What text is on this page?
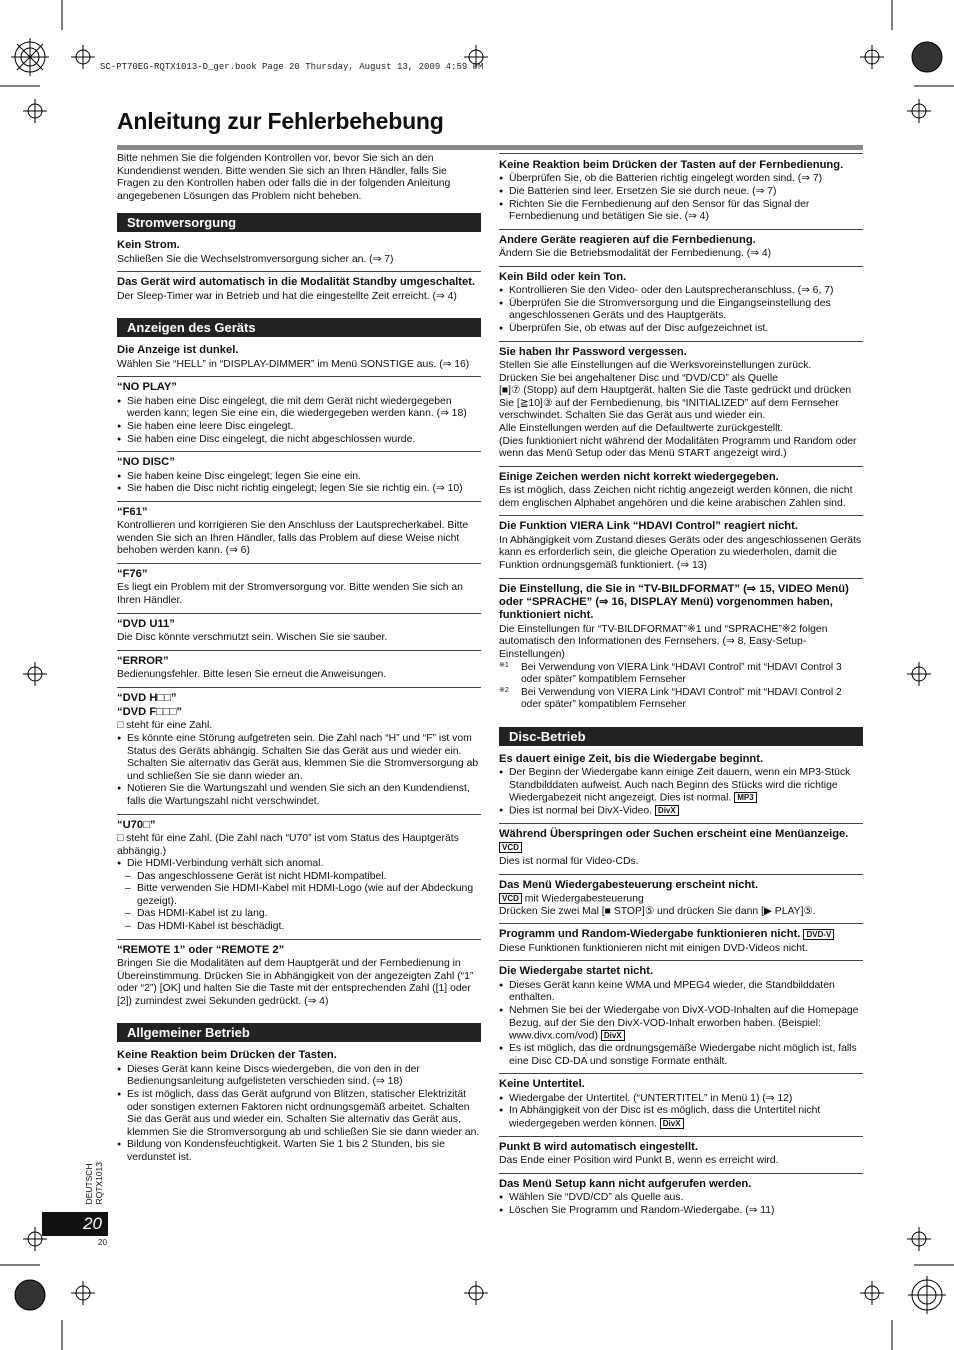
SC-PT70EG-RQTX1013-D_ger.book Page 20 Thursday, August 13, 2009 4:59 PM
Anleitung zur Fehlerbehebung

Bitte nehmen Sie die folgenden Kontrollen vor, bevor Sie sich an den Kundendienst wenden. Bitte wenden Sie sich an Ihren Händler, falls Sie Fragen zu den Kontrollen haben oder falls die in der folgenden Anleitung angegebenen Lösungen das Problem nicht beheben.

Stromversorgung
Kein Strom.

Schließen Sie die Wechselstromversorgung sicher an. (⇒ 7)

Das Gerät wird automatisch in die Modalität Standby umgeschaltet.

Der Sleep-Timer war in Betrieb und hat die eingestellte Zeit erreicht. (⇒ 4)

Anzeigen des Geräts
Die Anzeige ist dunkel.

Wählen Sie “HELL” in “DISPLAY-DIMMER” im Menü SONSTIGE aus. (⇒ 16)

“NO PLAY”

● Sie haben eine Disc eingelegt, die mit dem Gerät nicht wiedergegeben werden kann; legen Sie eine ein, die wiedergegeben werden kann. (⇒ 18)

● Sie haben eine leere Disc eingelegt.

● Sie haben eine Disc eingelegt, die nicht abgeschlossen wurde.

“NO DISC”

● Sie haben keine Disc eingelegt; legen Sie eine ein.

● Sie haben die Disc nicht richtig eingelegt; legen Sie sie richtig ein. (⇒ 10)

“F61”

Kontrollieren und korrigieren Sie den Anschluss der Lautsprecherkabel. Bitte wenden Sie sich an Ihren Händler, falls das Problem auf diese Weise nicht behoben werden kann. (⇒ 6)

“F76”

Es liegt ein Problem mit der Stromversorgung vor. Bitte wenden Sie sich an Ihren Händler.

“DVD U11”

Die Disc könnte verschmutzt sein. Wischen Sie sie sauber.

“ERROR”

Bedienungsfehler. Bitte lesen Sie erneut die Anweisungen.

“DVD H□□”
“DVD F□□□”

□ steht für eine Zahl.

● Es könnte eine Störung aufgetreten sein. Die Zahl nach “H” und “F” ist vom Status des Geräts abhängig. Schalten Sie das Gerät aus und wieder ein. Schalten Sie alternativ das Gerät aus, klemmen Sie die Stromversorgung ab und schließen Sie sie dann wieder an.

● Notieren Sie die Wartungszahl und wenden Sie sich an den Kundendienst, falls die Wartungszahl nicht verschwindet.

“U70□”

□ steht für eine Zahl. (Die Zahl nach “U70” ist vom Status des Hauptgeräts abhängig.)

● Die HDMI-Verbindung verhält sich anomal.

– Das angeschlossene Gerät ist nicht HDMI-kompatibel.

– Bitte verwenden Sie HDMI-Kabel mit HDMI-Logo (wie auf der Abdeckung gezeigt).

– Das HDMI-Kabel ist zu lang.

– Das HDMI-Kabel ist beschädigt.

“REMOTE 1” oder “REMOTE 2”

Bringen Sie die Modalitäten auf dem Hauptgerät und der Fernbedienung in Übereinstimmung. Drücken Sie in Abhängigkeit von der angezeigten Zahl (“1” oder “2”) [OK] und halten Sie die Taste mit der entsprechenden Zahl ([1] oder [2]) zumindest zwei Sekunden gedrückt. (⇒ 4)

Allgemeiner Betrieb
Keine Reaktion beim Drücken der Tasten.

● Dieses Gerät kann keine Discs wiedergeben, die von den in der Bedienungsanleitung aufgelisteten verschieden sind. (⇒ 18)

● Es ist möglich, dass das Gerät aufgrund von Blitzen, statischer Elektrizität oder sonstigen externen Faktoren nicht ordnungsgemäß arbeitet. Schalten Sie das Gerät aus und wieder ein. Schalten Sie alternativ das Gerät aus, klemmen Sie die Stromversorgung ab und schließen Sie sie dann wieder an.

● Bildung von Kondensfeuchtigkeit. Warten Sie 1 bis 2 Stunden, bis sie verdunstet ist.

Keine Reaktion beim Drücken der Tasten auf der Fernbedienung.

● Überprüfen Sie, ob die Batterien richtig eingelegt worden sind. (⇒ 7)

● Die Batterien sind leer. Ersetzen Sie sie durch neue. (⇒ 7)

● Richten Sie die Fernbedienung auf den Sensor für das Signal der Fernbedienung und betätigen Sie sie. (⇒ 4)

Andere Geräte reagieren auf die Fernbedienung.

Ändern Sie die Betriebsmodalität der Fernbedienung. (⇒ 4)

Kein Bild oder kein Ton.

● Kontrollieren Sie den Video- oder den Lautsprecheranschluss. (⇒ 6, 7)

● Überprüfen Sie die Stromversorgung und die Eingangseinstellung des angeschlossenen Geräts und des Hauptgeräts.

● Überprüfen Sie, ob etwas auf der Disc aufgezeichnet ist.

Sie haben Ihr Password vergessen.

Stellen Sie alle Einstellungen auf die Werksvoreinstellungen zurück.

Drücken Sie bei angehaltener Disc und “DVD/CD” als Quelle

[■]⑦ (Stopp) auf dem Hauptgerät. halten Sie die Taste gedrückt und drücken Sie [≧10]③ auf der Fernbedienung, bis “INITIALIZED” auf dem Fernseher verschwindet. Schalten Sie das Gerät aus und wieder ein.

Alle Einstellungen werden auf die Defaultwerte zurückgestellt.

(Dies funktioniert nicht während der Modalitäten Programm und Random oder wenn das Menü Setup oder das Menü START angezeigt wird.)

Einige Zeichen werden nicht korrekt wiedergegeben.

Es ist möglich, dass Zeichen nicht richtig angezeigt werden können, die nicht dem englischen Alphabet angehören und die keine arabischen Zahlen sind.

Die Funktion VIERA Link “HDAVI Control” reagiert nicht.

In Abhängigkeit vom Zustand dieses Geräts oder des angeschlossenen Geräts kann es erforderlich sein, die gleiche Operation zu wiederholen, damit die Funktion ordnungsgemäß funktioniert. (⇒ 13)

Die Einstellung, die Sie in “TV-BILDFORMAT” (⇒ 15, VIDEO Menü) oder “SPRACHE” (⇒ 16, DISPLAY Menü) vorgenommen haben, funktioniert nicht.

Die Einstellungen für “TV-BILDFORMAT”※1 und “SPRACHE”※2 folgen automatisch den Informationen des Fernsehers. (⇒ 8, Easy-Setup-Einstellungen)

※1 Bei Verwendung von VIERA Link “HDAVI Control” mit “HDAVI Control 3 oder später” kompatiblem Fernseher

※2 Bei Verwendung von VIERA Link “HDAVI Control” mit “HDAVI Control 2 oder später” kompatiblem Fernseher

Disc-Betrieb
Es dauert einige Zeit, bis die Wiedergabe beginnt.

● Der Beginn der Wiedergabe kann einige Zeit dauern, wenn ein MP3-Stück Standbilddaten aufweist. Auch nach Beginn des Stücks wird die richtige Wiedergabezeit nicht angezeigt. Dies ist normal. MP3

● Dies ist normal bei DivX-Video. DivX

Während Überspringen oder Suchen erscheint eine Menüanzeige. VCD

Dies ist normal für Video-CDs.

Das Menü Wiedergabesteuerung erscheint nicht.

VCD mit Wiedergabesteuerung

Drücken Sie zwei Mal [■ STOP]⑤ und drücken Sie dann [▶ PLAY]⑤.

Programm und Random-Wiedergabe funktionieren nicht. DVD-V

Diese Funktionen funktionieren nicht mit einigen DVD-Videos nicht.

Die Wiedergabe startet nicht.

● Dieses Gerät kann keine WMA und MPEG4 wieder, die Standbilddaten enthalten.

● Nehmen Sie bei der Wiedergabe von DivX-VOD-Inhalten auf die Homepage Bezug, auf der Sie den DivX-VOD-Inhalt erworben haben. (Beispiel: www.divx.com/vod) DivX

● Es ist möglich, das die ordnungsgemäße Wiedergabe nicht möglich ist, falls eine Disc CD-DA und sonstige Formate enthält.

Keine Untertitel.

● Wiedergabe der Untertitel. (“UNTERTITEL” in Menü 1) (⇒ 12)

● In Abhängigkeit von der Disc ist es möglich, dass die Untertitel nicht wiedergegeben werden können. DivX

Punkt B wird automatisch eingestellt.

Das Ende einer Position wird Punkt B, wenn es erreicht wird.

Das Menü Setup kann nicht aufgerufen werden.

● Wählen Sie “DVD/CD” als Quelle aus.

● Löschen Sie Programm und Random-Wiedergabe. (⇒ 11)

DEUTSCH
RQTX1013
20
20
